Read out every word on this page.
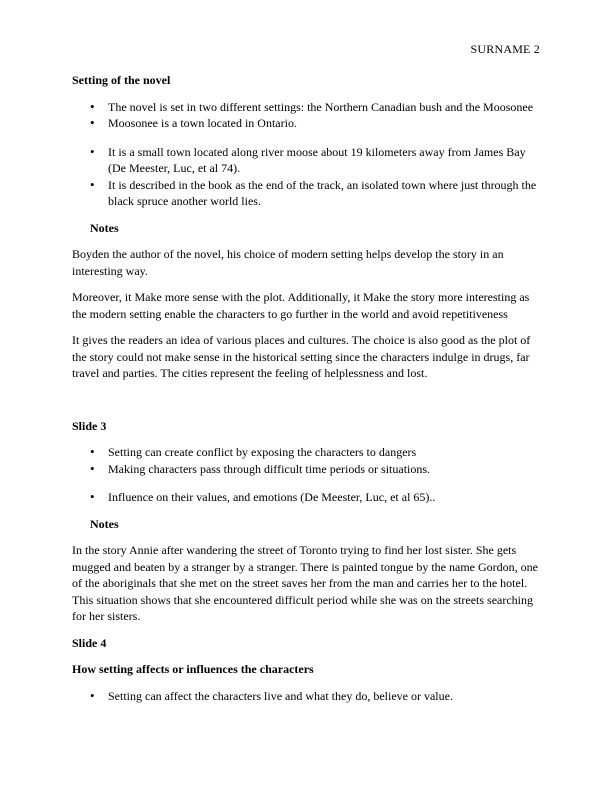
SURNAME 2
Setting of the novel
• The novel is set in two different settings: the Northern Canadian bush and the Moosonee
• Moosonee is a town located in Ontario.
• It is a small town located along river moose about 19 kilometers away from James Bay (De Meester, Luc, et al 74).
• It is described in the book as the end of the track, an isolated town where just through the black spruce another world lies.
Notes

Boyden the author of the novel, his choice of modern setting helps develop the story in an interesting way.

Moreover, it Make more sense with the plot. Additionally, it Make the story more interesting as the modern setting enable the characters to go further in the world and avoid repetitiveness

It gives the readers an idea of various places and cultures. The choice is also good as the plot of the story could not make sense in the historical setting since the characters indulge in drugs, far travel and parties. The cities represent the feeling of helplessness and lost.

Slide 3
• Setting can create conflict by exposing the characters to dangers
• Making characters pass through difficult time periods or situations.
• Influence on their values, and emotions (De Meester, Luc, et al 65)..
Notes

In the story Annie after wandering the street of Toronto trying to find her lost sister. She gets mugged and beaten by a stranger by a stranger. There is painted tongue by the name Gordon, one of the aboriginals that she met on the street saves her from the man and carries her to the hotel. This situation shows that she encountered difficult period while she was on the streets searching for her sisters.

Slide 4
How setting affects or influences the characters
• Setting can affect the characters live and what they do, believe or value.
